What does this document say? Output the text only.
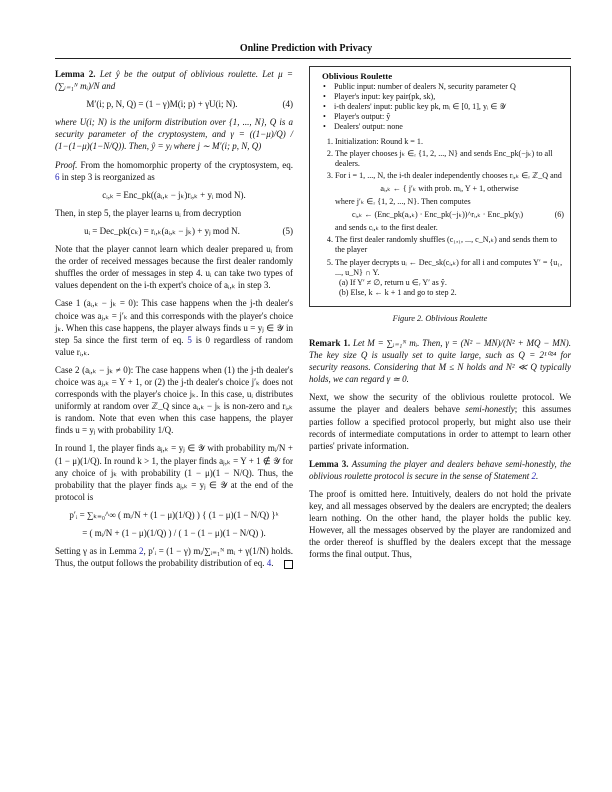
Online Prediction with Privacy

Lemma 2. Let ŷ be the output of oblivious roulette. Let μ = (∑ᵢ₌₁ᴺ mᵢ)/N and

M′(i; p, N, Q) = (1 − γ)M(i; p) + γU(i; N).	(4)

where U(i; N) is the uniform distribution over {1, ..., N}, Q is a security parameter of the cryptosystem, and γ = ((1−μ)/Q) / (1−(1−μ)(1−N/Q)). Then, ŷ = yⱼ where j ∼ M′(i; p, N, Q)

Proof. From the homomorphic property of the cryptosystem, eq. 6 in step 3 is reorganized as

cᵢ,ₖ = Enc_pk((aᵢ,ₖ − jₖ)rᵢ,ₖ + yᵢ mod N).

Then, in step 5, the player learns uᵢ from decryption

uᵢ = Dec_pk(cₖ) = rᵢ,ₖ(aᵢ,ₖ − jₖ) + yⱼ mod N.	(5)

Note that the player cannot learn which dealer prepared uᵢ from the order of received messages because the first dealer randomly shuffles the order of messages in step 4. uᵢ can take two types of values dependent on the i-th expert's choice of aᵢ,ₖ in step 3.

Case 1 (aᵢ,ₖ − jₖ = 0): This case happens when the j-th dealer's choice was aⱼ,ₖ = j′ₖ and this corresponds with the player's choice jₖ. When this case happens, the player always finds u = yⱼ ∈ 𝒴 in step 5a since the first term of eq. 5 is 0 regardless of random value rᵢ,ₖ.

Case 2 (aᵢ,ₖ − jₖ ≠ 0): The case happens when (1) the j-th dealer's choice was aⱼ,ₖ = Y + 1, or (2) the j-th dealer's choice j′ₖ does not corresponds with the player's choice jₖ. In this case, uᵢ distributes uniformly at random over ℤ_Q since aᵢ,ₖ − jₖ is non-zero and rᵢ,ₖ is random. Note that even when this case happens, the player finds u = yⱼ with probability 1/Q.

In round 1, the player finds aⱼ,ₖ = yⱼ ∈ 𝒴 with probability mᵢ/N + (1 − μ)(1/Q). In round k > 1, the player finds aⱼ,ₖ = Y + 1 ∉ 𝒴 for any choice of jₖ with probability (1 − μ)(1 − N/Q). Thus, the probability that the player finds aⱼ,ₖ = yⱼ ∈ 𝒴 at the end of the protocol is

p′ᵢ = ∑ₖ₌₀^∞ ( mᵢ/N + (1 − μ)(1/Q) ) { (1 − μ)(1 − N/Q) }ᵏ
= ( mᵢ/N + (1 − μ)(1/Q) ) / ( 1 − (1 − μ)(1 − N/Q) ).

Setting γ as in Lemma 2, p′ᵢ = (1 − γ) mᵢ/∑ᵢ₌₁ᴺ mᵢ + γ(1/N) holds. Thus, the output follows the probability distribution of eq. 4.

Oblivious Roulette
• Public input: number of dealers N, security parameter Q
• Player's input: key pair(pk, sk),
• i-th dealers' input: public key pk, mᵢ ∈ [0, 1], yᵢ ∈ 𝒴
• Player's output: ŷ
• Dealers' output: none
1. Initialization: Round k = 1.
2. The player chooses jₖ ∈ᵣ {1, 2, ..., N} and sends Enc_pk(−jₖ) to all dealers.
3. For i = 1, ..., N, the i-th dealer independently chooses rᵢ,ₖ ∈ᵣ ℤ_Q and
aᵢ,ₖ ← { j′ₖ with prob. mᵢ, Y + 1, otherwise
where j′ₖ ∈ᵣ {1, 2, ..., N}. Then computes
cᵢ,ₖ ← (Enc_pk(aᵢ,ₖ) · Enc_pk(−jₖ))^rᵢ,ₖ · Enc_pk(yᵢ)	(6)
and sends cᵢ,ₖ to the first dealer.
4. The first dealer randomly shuffles (c₁,₁, ..., c_N,ₖ) and sends them to the player
5. The player decrypts uᵢ ← Dec_sk(cᵢ,ₖ) for all i and computes Y′ = {u₁, ..., u_N} ∩ Y.
(a) If Y′ ≠ ∅, return u ∈ᵣ Y′ as ŷ.
(b) Else, k ← k + 1 and go to step 2.
Figure 2. Oblivious Roulette

Remark 1. Let M = ∑ᵢ₌₁ᴺ mᵢ. Then, γ = (N² − MN)/(N² + MQ − MN). The key size Q is usually set to quite large, such as Q = 2¹⁰²⁴ for security reasons. Considering that M ≤ N holds and N² ≪ Q typically holds, we can regard γ ≃ 0.

Next, we show the security of the oblivious roulette protocol. We assume the player and dealers behave semi-honestly; this assumes parties follow a specified protocol properly, but might also use their records of intermediate computations in order to attempt to learn other parties' private information.

Lemma 3. Assuming the player and dealers behave semi-honestly, the oblivious roulette protocol is secure in the sense of Statement 2.

The proof is omitted here. Intuitively, dealers do not hold the private key, and all messages observed by the dealers are encrypted; the dealers learn nothing. On the other hand, the player holds the public key. However, all the messages observed by the player are randomized and the order thereof is shuffled by the dealers except that the message forms the final output. Thus,
